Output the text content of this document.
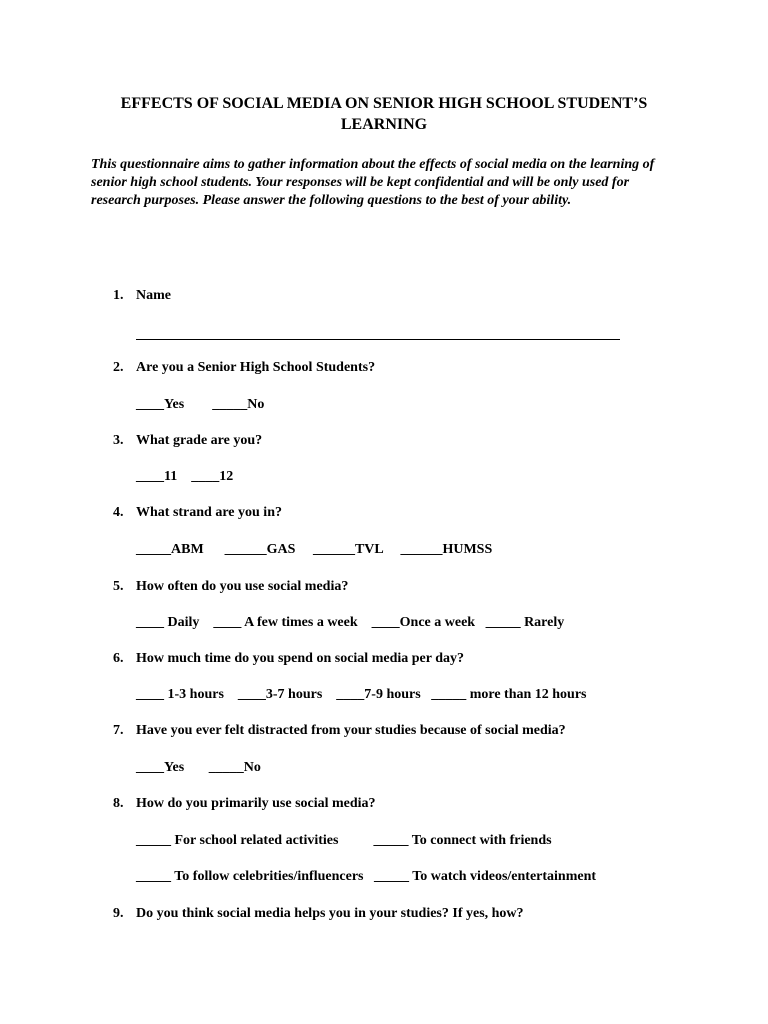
EFFECTS OF SOCIAL MEDIA ON SENIOR HIGH SCHOOL STUDENT’S LEARNING
This questionnaire aims to gather information about the effects of social media on the learning of senior high school students. Your responses will be kept confidential and will be only used for research purposes. Please answer the following questions to the best of your ability.
1. Name
2. Are you a Senior High School Students?
____Yes        _____No
3. What grade are you?
____11    ____12
4. What strand are you in?
_____ABM      ______GAS     ______TVL     ______HUMSS
5. How often do you use social media?
____ Daily    ____ A few times a week    ____Once a week   _____ Rarely
6. How much time do you spend on social media per day?
____ 1-3 hours    ____3-7 hours    ____7-9 hours   _____ more than 12 hours
7. Have you ever felt distracted from your studies because of social media?
____Yes       _____No
8. How do you primarily use social media?
_____ For school related activities          _____ To connect with friends
_____ To follow celebrities/influencers   _____ To watch videos/entertainment
9. Do you think social media helps you in your studies? If yes, how?
